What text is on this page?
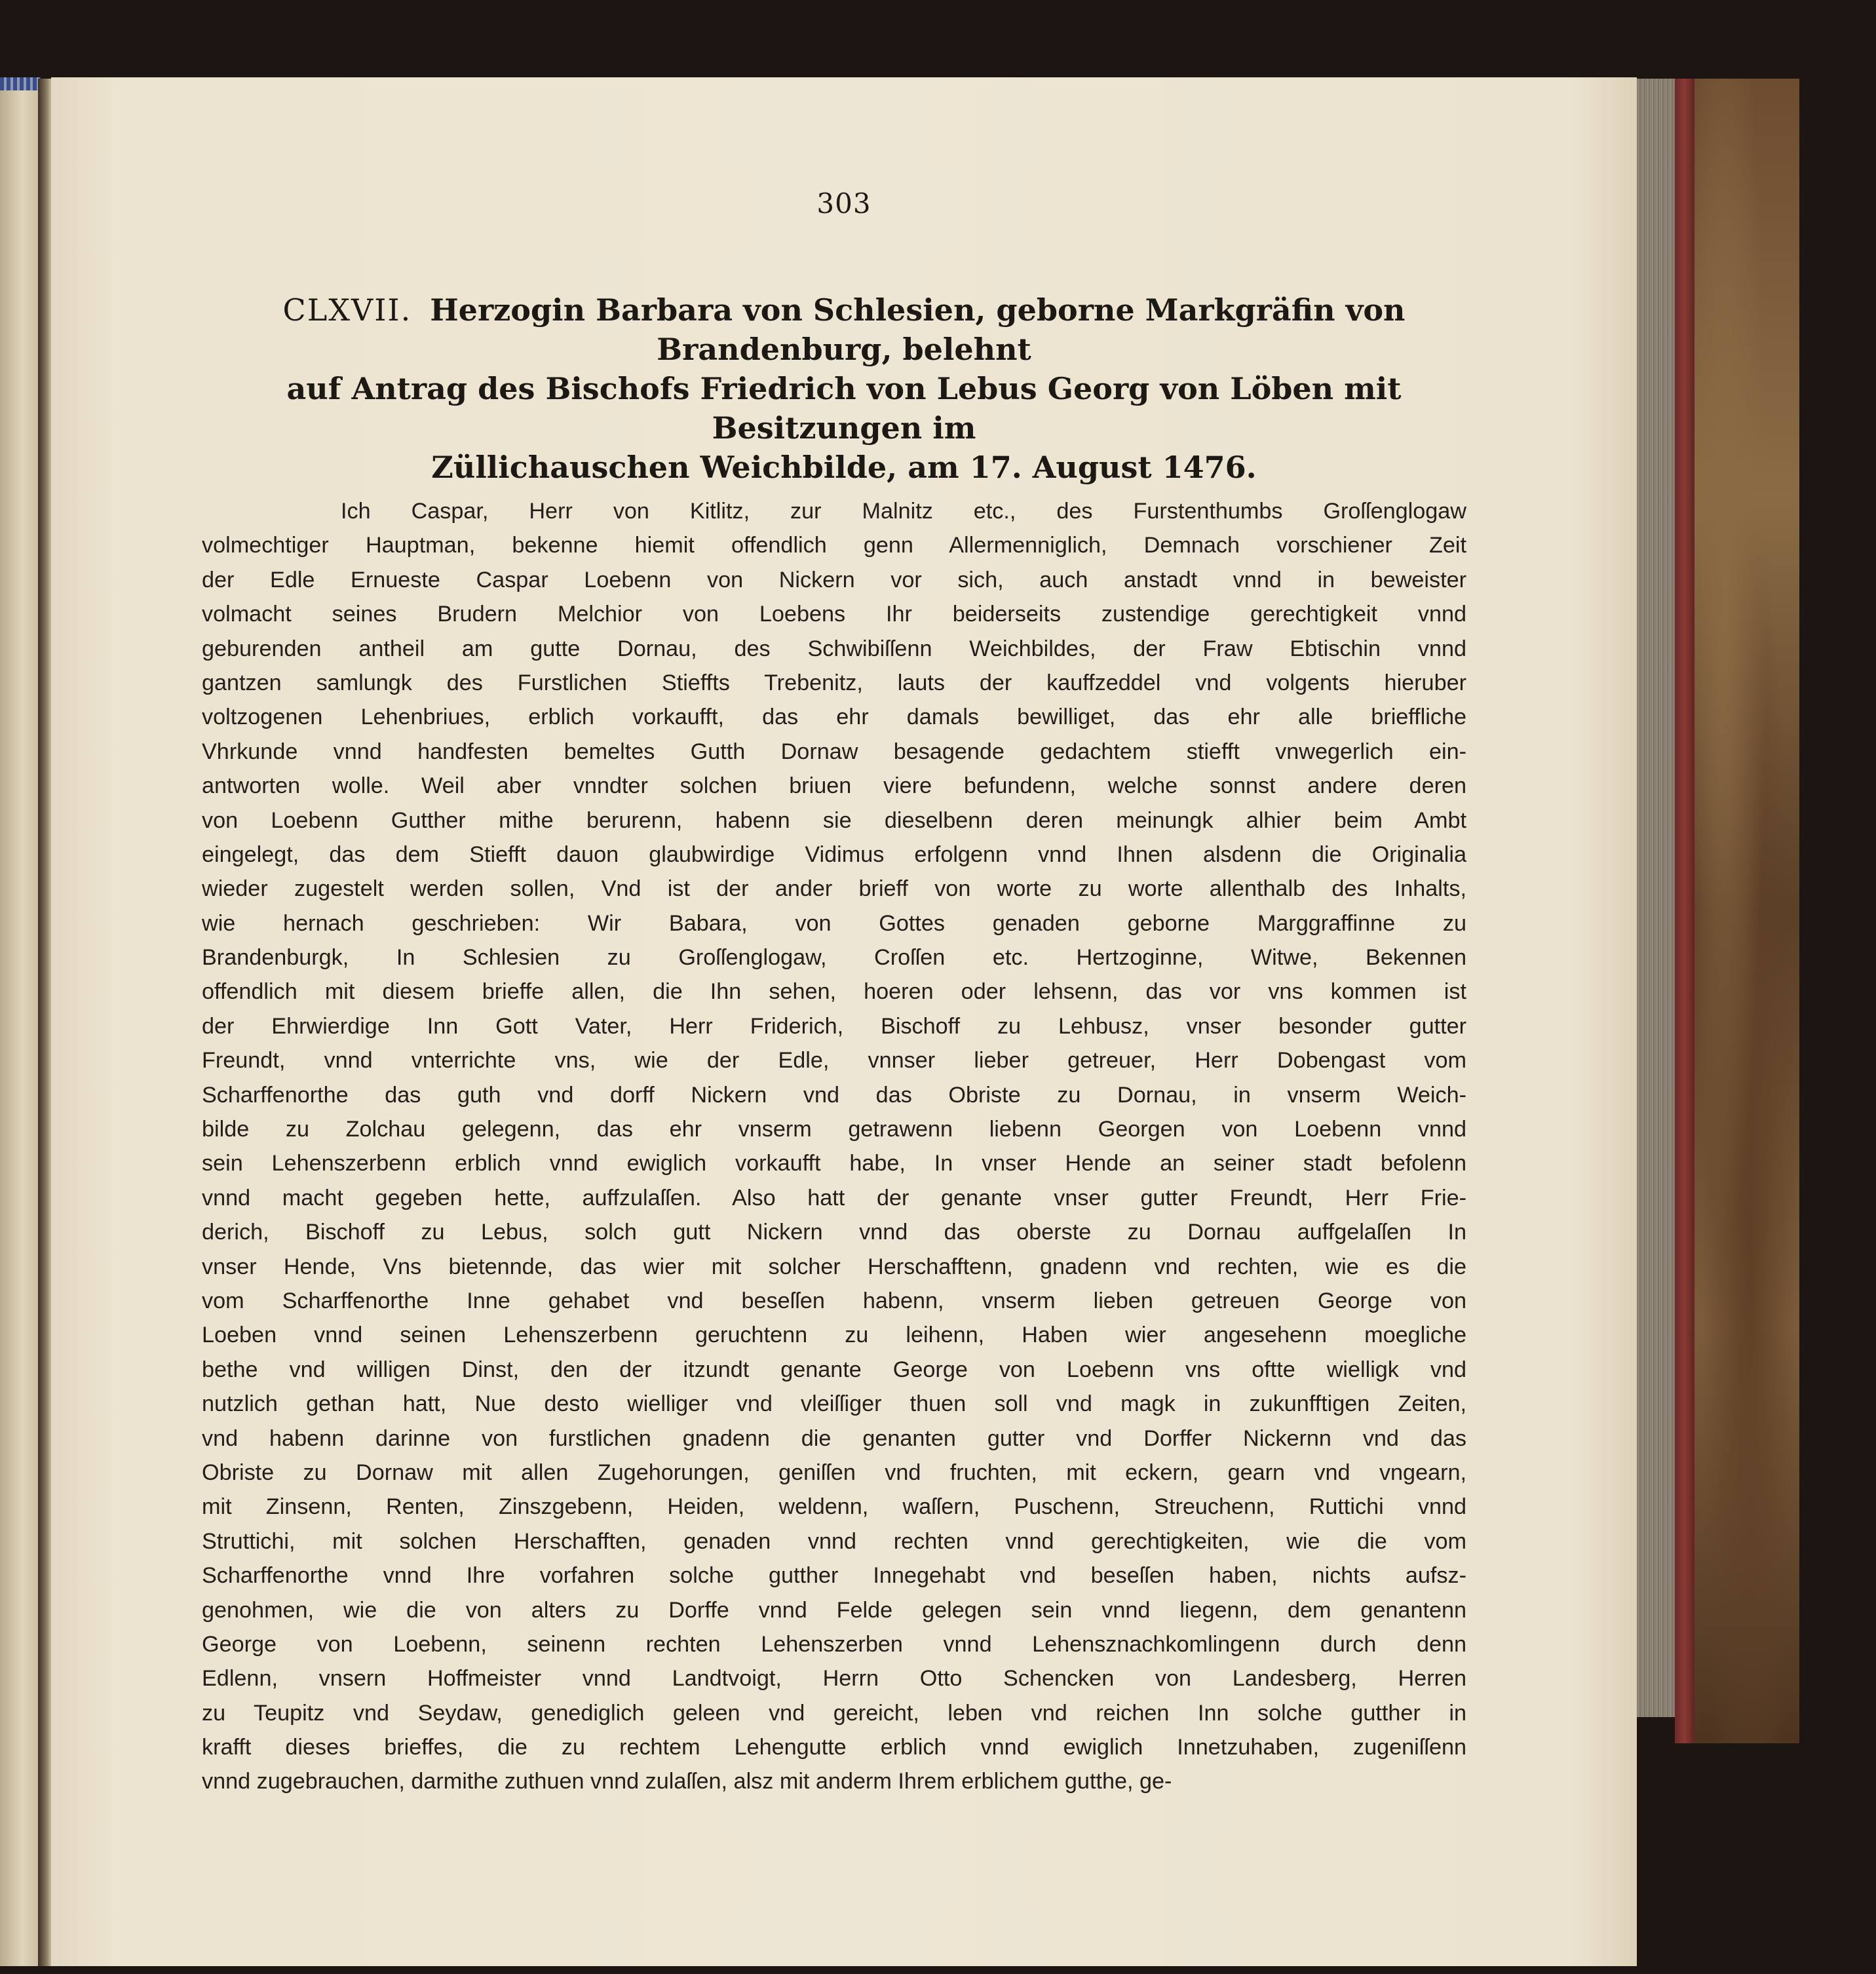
303
CLXVII. Herzogin Barbara von Schlesien, geborne Markgräfin von Brandenburg, belehnt
auf Antrag des Bischofs Friedrich von Lebus Georg von Löben mit Besitzungen im
Züllichauschen Weichbilde, am 17. August 1476.
Ich Caspar, Herr von Kitlitz, zur Malnitz etc., des Furstenthumbs Groſſenglogaw
volmechtiger Hauptman, bekenne hiemit offendlich genn Allermenniglich, Demnach vorschiener Zeit
der Edle Ernueste Caspar Loebenn von Nickern vor sich, auch anstadt vnnd in beweister
volmacht seines Brudern Melchior von Loebens Ihr beiderseits zustendige gerechtigkeit vnnd
geburenden antheil am gutte Dornau, des Schwibiſſenn Weichbildes, der Fraw Ebtischin vnnd
gantzen samlungk des Furstlichen Stieffts Trebenitz, lauts der kauffzeddel vnd volgents hieruber
voltzogenen Lehenbriues, erblich vorkaufft, das ehr damals bewilliget, das ehr alle brieffliche
Vhrkunde vnnd handfesten bemeltes Gutth Dornaw besagende gedachtem stiefft vnwegerlich ein-
antworten wolle. Weil aber vnndter solchen briuen viere befundenn, welche sonnst andere deren
von Loebenn Gutther mithe berurenn, habenn sie dieselbenn deren meinungk alhier beim Ambt
eingelegt, das dem Stiefft dauon glaubwirdige Vidimus erfolgenn vnnd Ihnen alsdenn die Originalia
wieder zugestelt werden sollen, Vnd ist der ander brieff von worte zu worte allenthalb des Inhalts,
wie hernach geschrieben: Wir Babara, von Gottes genaden geborne Marggraffinne zu
Brandenburgk, In Schlesien zu Groſſenglogaw, Croſſen etc. Hertzoginne, Witwe, Bekennen
offendlich mit diesem brieffe allen, die Ihn sehen, hoeren oder lehsenn, das vor vns kommen ist
der Ehrwierdige Inn Gott Vater, Herr Friderich, Bischoff zu Lehbusz, vnser besonder gutter
Freundt, vnnd vnterrichte vns, wie der Edle, vnnser lieber getreuer, Herr Dobengast vom
Scharffenorthe das guth vnd dorff Nickern vnd das Obriste zu Dornau, in vnserm Weich-
bilde zu Zolchau gelegenn, das ehr vnserm getrawenn liebenn Georgen von Loebenn vnnd
sein Lehenszerbenn erblich vnnd ewiglich vorkaufft habe, In vnser Hende an seiner stadt befolenn
vnnd macht gegeben hette, auffzulaſſen. Also hatt der genante vnser gutter Freundt, Herr Frie-
derich, Bischoff zu Lebus, solch gutt Nickern vnnd das oberste zu Dornau auffgelaſſen In
vnser Hende, Vns bietennde, das wier mit solcher Herschafftenn, gnadenn vnd rechten, wie es die
vom Scharffenorthe Inne gehabet vnd beseſſen habenn, vnserm lieben getreuen George von
Loeben vnnd seinen Lehenszerbenn geruchtenn zu leihenn, Haben wier angesehenn moegliche
bethe vnd willigen Dinst, den der itzundt genante George von Loebenn vns oftte wielligk vnd
nutzlich gethan hatt, Nue desto wielliger vnd vleiſſiger thuen soll vnd magk in zukunfftigen Zeiten,
vnd habenn darinne von furstlichen gnadenn die genanten gutter vnd Dorffer Nickernn vnd das
Obriste zu Dornaw mit allen Zugehorungen, geniſſen vnd fruchten, mit eckern, gearn vnd vngearn,
mit Zinsenn, Renten, Zinszgebenn, Heiden, weldenn, waſſern, Puschenn, Streuchenn, Ruttichi vnnd
Struttichi, mit solchen Herschafften, genaden vnnd rechten vnnd gerechtigkeiten, wie die vom
Scharffenorthe vnnd Ihre vorfahren solche gutther Innegehabt vnd beseſſen haben, nichts aufsz-
genohmen, wie die von alters zu Dorffe vnnd Felde gelegen sein vnnd liegenn, dem genantenn
George von Loebenn, seinenn rechten Lehenszerben vnnd Lehensznachkomlingenn durch denn
Edlenn, vnsern Hoffmeister vnnd Landtvoigt, Herrn Otto Schencken von Landesberg, Herren
zu Teupitz vnd Seydaw, genediglich geleen vnd gereicht, leben vnd reichen Inn solche gutther in
krafft dieses brieffes, die zu rechtem Lehengutte erblich vnnd ewiglich Innetzuhaben, zugeniſſenn
vnnd zugebrauchen, darmithe zuthuen vnnd zulaſſen, alsz mit anderm Ihrem erblichem gutthe, ge-
